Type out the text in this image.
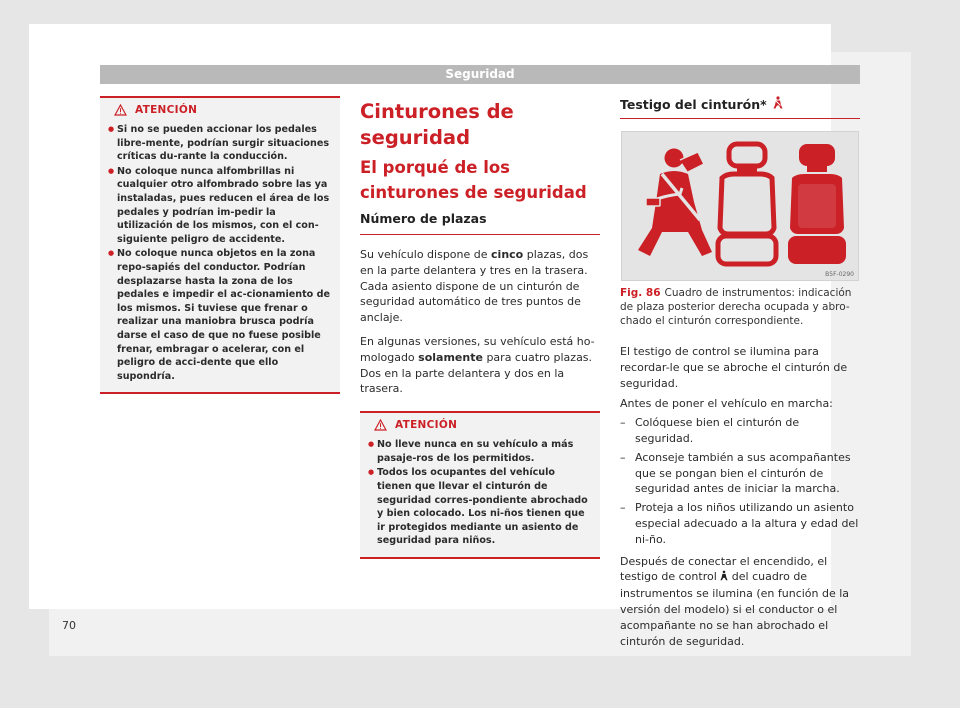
Seguridad
ATENCIÓN
● Si no se pueden accionar los pedales libre-mente, podrían surgir situaciones críticas du-rante la conducción.
● No coloque nunca alfombrillas ni cualquier otro alfombrado sobre las ya instaladas, pues reducen el área de los pedales y podrían im-pedir la utilización de los mismos, con el con-siguiente peligro de accidente.
● No coloque nunca objetos en la zona repo-sapiés del conductor. Podrían desplazarse hasta la zona de los pedales e impedir el ac-cionamiento de los mismos. Si tuviese que frenar o realizar una maniobra brusca podría darse el caso de que no fuese posible frenar, embragar o acelerar, con el peligro de acci-dente que ello supondría.
Cinturones de seguridad
El porqué de los cinturones de seguridad
Número de plazas
Su vehículo dispone de cinco plazas, dos en la parte delantera y tres en la trasera. Cada asiento dispone de un cinturón de seguridad automático de tres puntos de anclaje.
En algunas versiones, su vehículo está ho-mologado solamente para cuatro plazas. Dos en la parte delantera y dos en la trasera.
ATENCIÓN
● No lleve nunca en su vehículo a más pasaje-ros de los permitidos.
● Todos los ocupantes del vehículo tienen que llevar el cinturón de seguridad corres-pondiente abrochado y bien colocado. Los ni-ños tienen que ir protegidos mediante un asiento de seguridad para niños.
Testigo del cinturón*
B5F-0290
Fig. 86 Cuadro de instrumentos: indicación de plaza posterior derecha ocupada y abro-chado el cinturón correspondiente.
El testigo de control se ilumina para recordar-le que se abroche el cinturón de seguridad.
Antes de poner el vehículo en marcha:
– Colóquese bien el cinturón de seguridad.
– Aconseje también a sus acompañantes que se pongan bien el cinturón de seguridad antes de iniciar la marcha.
– Proteja a los niños utilizando un asiento especial adecuado a la altura y edad del ni-ño.
Después de conectar el encendido, el testigo de control  del cuadro de instrumentos se ilumina (en función de la versión del modelo) si el conductor o el acompañante no se han abrochado el cinturón de seguridad.
70
